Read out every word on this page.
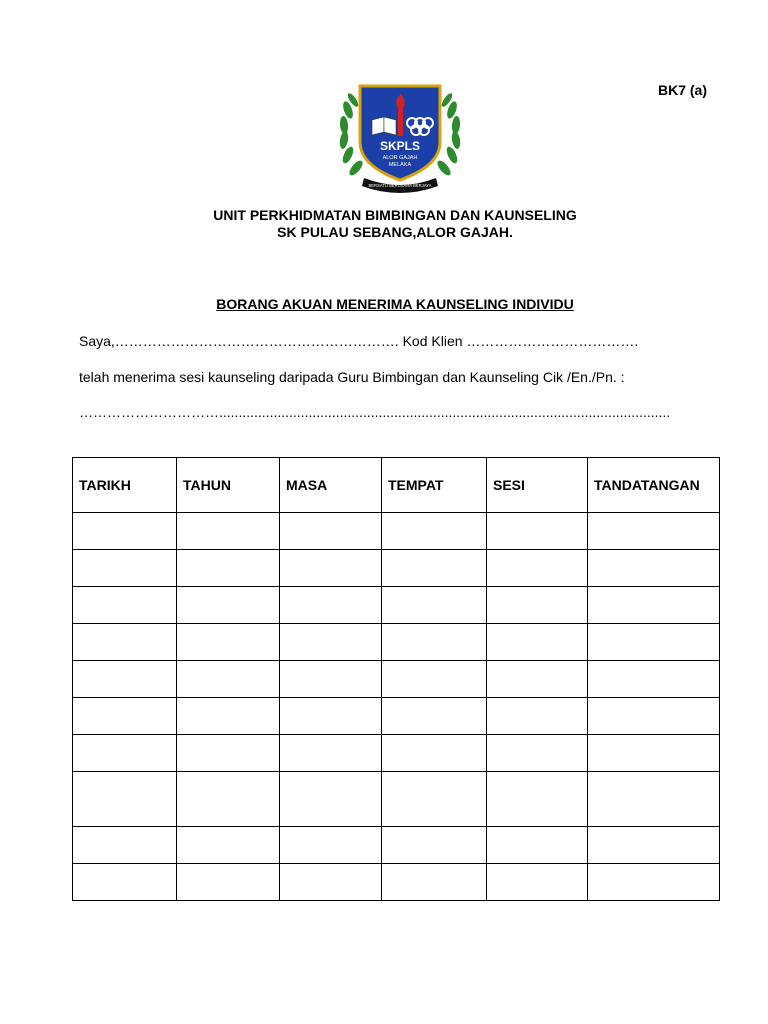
BK7 (a)
SKPLS
ALOR GAJAH
MELAKA
BERSATU BERUSAHA BERJAYA
UNIT PERKHIDMATAN BIMBINGAN DAN KAUNSELING
SK PULAU SEBANG,ALOR GAJAH.
BORANG AKUAN MENERIMA KAUNSELING INDIVIDU
Saya,……………………………………………………. Kod Klien ……………………………….
telah menerima sesi kaunseling daripada Guru Bimbingan dan Kaunseling Cik /En./Pn. :
…………………………....................................................................................................................
TARIKH	TAHUN	MASA	TEMPAT	SESI	TANDATANGAN
